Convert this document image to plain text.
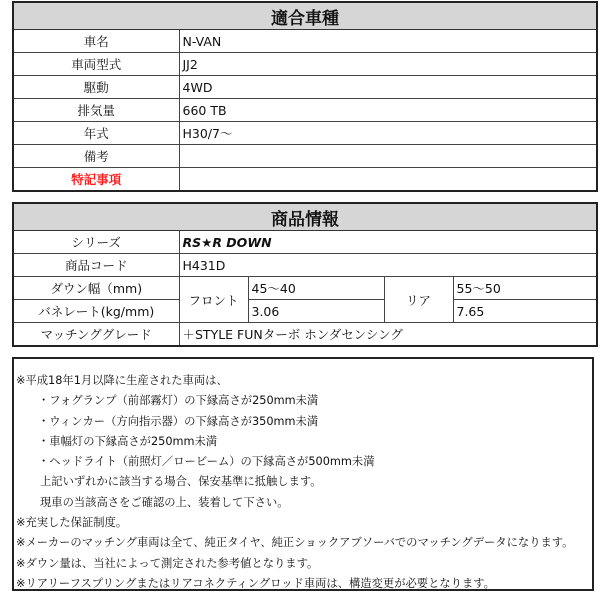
適合車種	
車名	N-VAN
車両型式	JJ2
駆動	4WD
排気量	660 TB
年式	H30/7～
備考	
特記事項	
商品情報				
シリーズ	RS★R DOWN			
商品コード	H431D			
ダウン幅（mm)	フロント	45～40	リア	55～50
バネレート(kg/mm)		3.06		7.65
マッチンググレード	＋STYLE FUNターボ ホンダセンシング			
※平成18年1月以降に生産された車両は、
・フォグランプ（前部霧灯）の下縁高さが250mm未満
・ウィンカー（方向指示器）の下縁高さが350mm未満
・車幅灯の下縁高さが250mm未満
・ヘッドライト（前照灯／ロービーム）の下縁高さが500mm未満
上記いずれかに該当する場合、保安基準に抵触します。
現車の当該高さをご確認の上、装着して下さい。
※充実した保証制度。
※メーカーのマッチング車両は全て、純正タイヤ、純正ショックアブソーバでのマッチングデータになります。
※ダウン量は、当社によって測定された参考値となります。
※リアリーフスプリングまたはリアコネクティングロッド車両は、構造変更が必要となります。
